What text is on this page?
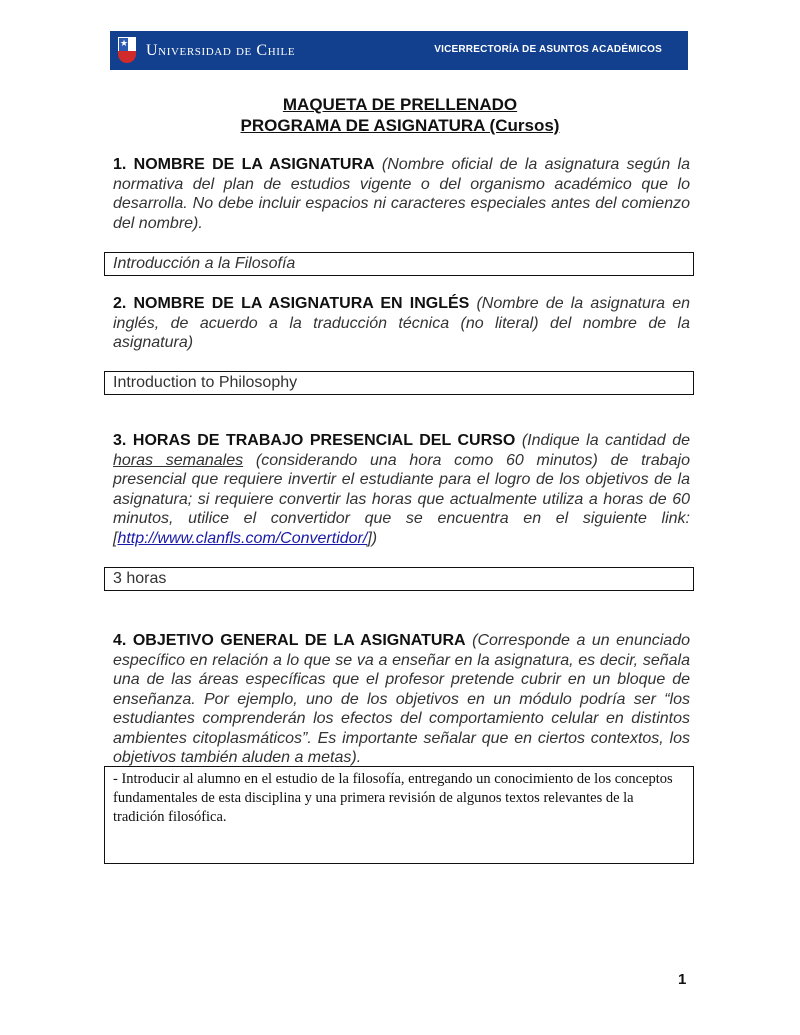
★ Universidad de Chile	VICERRECTORÍA DE ASUNTOS ACADÉMICOS
MAQUETA DE PRELLENADO
PROGRAMA DE ASIGNATURA (Cursos)
1. NOMBRE DE LA ASIGNATURA (Nombre oficial de la asignatura según la normativa del plan de estudios vigente o del organismo académico que lo desarrolla. No debe incluir espacios ni caracteres especiales antes del comienzo del nombre).
Introducción a la Filosofía
2. NOMBRE DE LA ASIGNATURA EN INGLÉS (Nombre de la asignatura en inglés, de acuerdo a la traducción técnica (no literal) del nombre de la asignatura)
Introduction to Philosophy
3. HORAS DE TRABAJO PRESENCIAL DEL CURSO (Indique la cantidad de horas semanales (considerando una hora como 60 minutos) de trabajo presencial que requiere invertir el estudiante para el logro de los objetivos de la asignatura; si requiere convertir las horas que actualmente utiliza a horas de 60 minutos, utilice el convertidor que se encuentra en el siguiente link: [http://www.clanfls.com/Convertidor/])
3 horas
4. OBJETIVO GENERAL DE LA ASIGNATURA (Corresponde a un enunciado específico en relación a lo que se va a enseñar en la asignatura, es decir, señala una de las áreas específicas que el profesor pretende cubrir en un bloque de enseñanza. Por ejemplo, uno de los objetivos en un módulo podría ser “los estudiantes comprenderán los efectos del comportamiento celular en distintos ambientes citoplasmáticos”. Es importante señalar que en ciertos contextos, los objetivos también aluden a metas).
- Introducir al alumno en el estudio de la filosofía, entregando un conocimiento de los conceptos fundamentales de esta disciplina y una primera revisión de algunos textos relevantes de la tradición filosófica.
1
